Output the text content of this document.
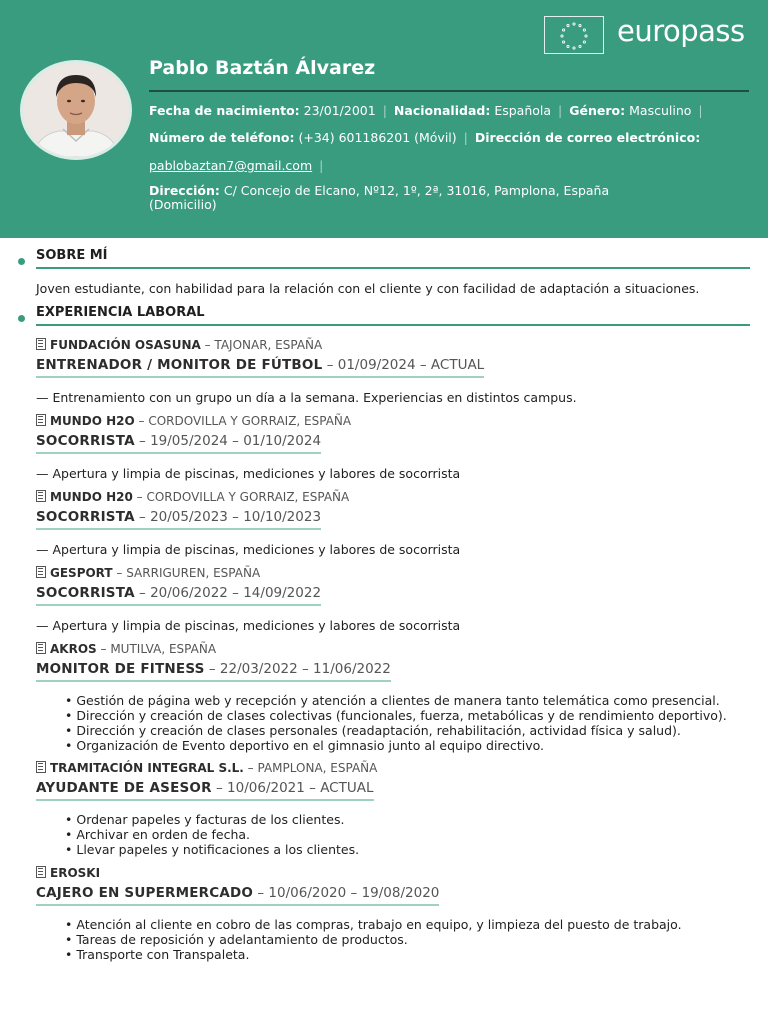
europass
Pablo Baztán Álvarez
Fecha de nacimiento: 23/01/2001 | Nacionalidad: Española | Género: Masculino |
Número de teléfono: (+34) 601186201 (Móvil) | Dirección de correo electrónico:
pablobaztan7@gmail.com |
Dirección: C/ Concejo de Elcano, Nº12, 1º, 2ª, 31016, Pamplona, España
(Domicilio)
SOBRE MÍ
Joven estudiante, con habilidad para la relación con el cliente y con facilidad de adaptación a situaciones.
EXPERIENCIA LABORAL
FUNDACIÓN OSASUNA – TAJONAR, ESPAÑA
ENTRENADOR / MONITOR DE FÚTBOL – 01/09/2024 – ACTUAL
— Entrenamiento con un grupo un día a la semana. Experiencias en distintos campus.
MUNDO H2O – CORDOVILLA Y GORRAIZ, ESPAÑA
SOCORRISTA – 19/05/2024 – 01/10/2024
— Apertura y limpia de piscinas, mediciones y labores de socorrista
MUNDO H20 – CORDOVILLA Y GORRAIZ, ESPAÑA
SOCORRISTA – 20/05/2023 – 10/10/2023
— Apertura y limpia de piscinas, mediciones y labores de socorrista
GESPORT – SARRIGUREN, ESPAÑA
SOCORRISTA – 20/06/2022 – 14/09/2022
— Apertura y limpia de piscinas, mediciones y labores de socorrista
AKROS – MUTILVA, ESPAÑA
MONITOR DE FITNESS – 22/03/2022 – 11/06/2022
• Gestión de página web y recepción y atención a clientes de manera tanto telemática como presencial.
• Dirección y creación de clases colectivas (funcionales, fuerza, metabólicas y de rendimiento deportivo).
• Dirección y creación de clases personales (readaptación, rehabilitación, actividad física y salud).
• Organización de Evento deportivo en el gimnasio junto al equipo directivo.
TRAMITACIÓN INTEGRAL S.L. – PAMPLONA, ESPAÑA
AYUDANTE DE ASESOR – 10/06/2021 – ACTUAL
• Ordenar papeles y facturas de los clientes.
• Archivar en orden de fecha.
• Llevar papeles y notificaciones a los clientes.
EROSKI
CAJERO EN SUPERMERCADO – 10/06/2020 – 19/08/2020
• Atención al cliente en cobro de las compras, trabajo en equipo, y limpieza del puesto de trabajo.
• Tareas de reposición y adelantamiento de productos.
• Transporte con Transpaleta.
